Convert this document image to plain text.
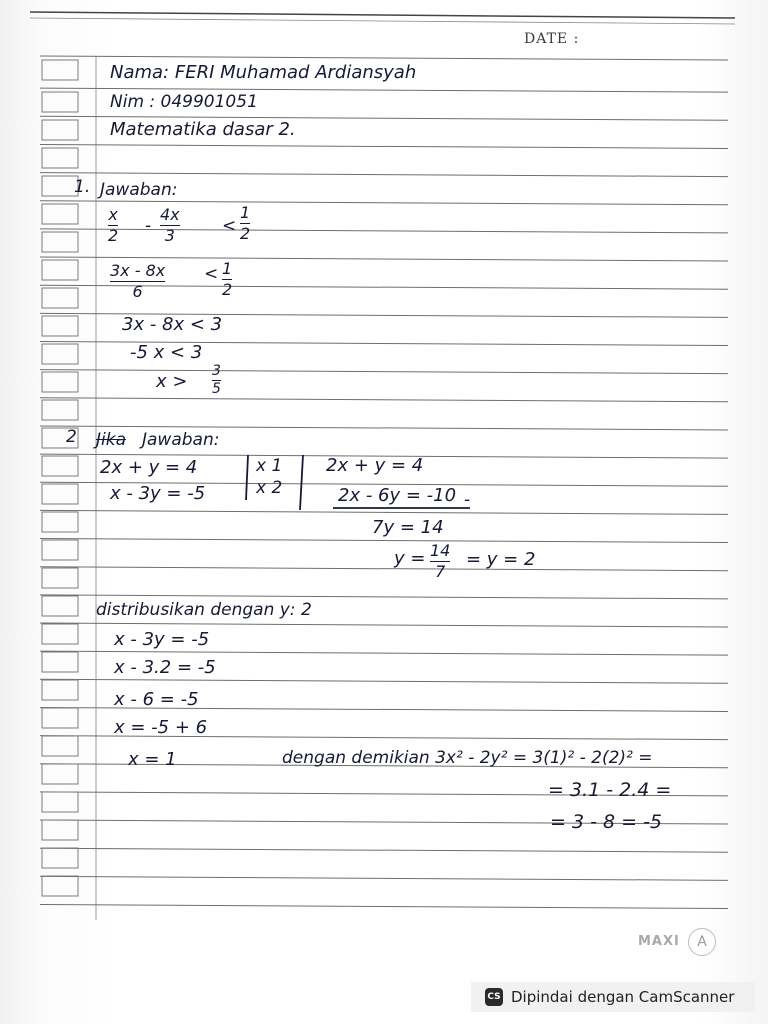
DATE :
Nama: FERI Muhamad Ardiansyah
Nim : 049901051
Matematika dasar 2.
1. Jawaban:
x
2 -
4x
3	<
1
2
3x - 8x
6
< 1
2
3x - 8x < 3
-5 x < 3
x > 3
5
2 Jika Jawaban:
2x + y = 4
x - 3y = -5
x 1
x 2
2x + y = 4
2x - 6y = -10 -
7y = 14
y = 14
7
= y = 2
distribusikan dengan y: 2
x - 3y = -5
x - 3.2 = -5
x - 6 = -5
x = -5 + 6
x = 1	dengan demikian 3x² - 2y² = 3(1)² - 2(2)² =
= 3.1 - 2.4 =
= 3 - 8 = -5
MAXI	A
CS Dipindai dengan CamScanner
